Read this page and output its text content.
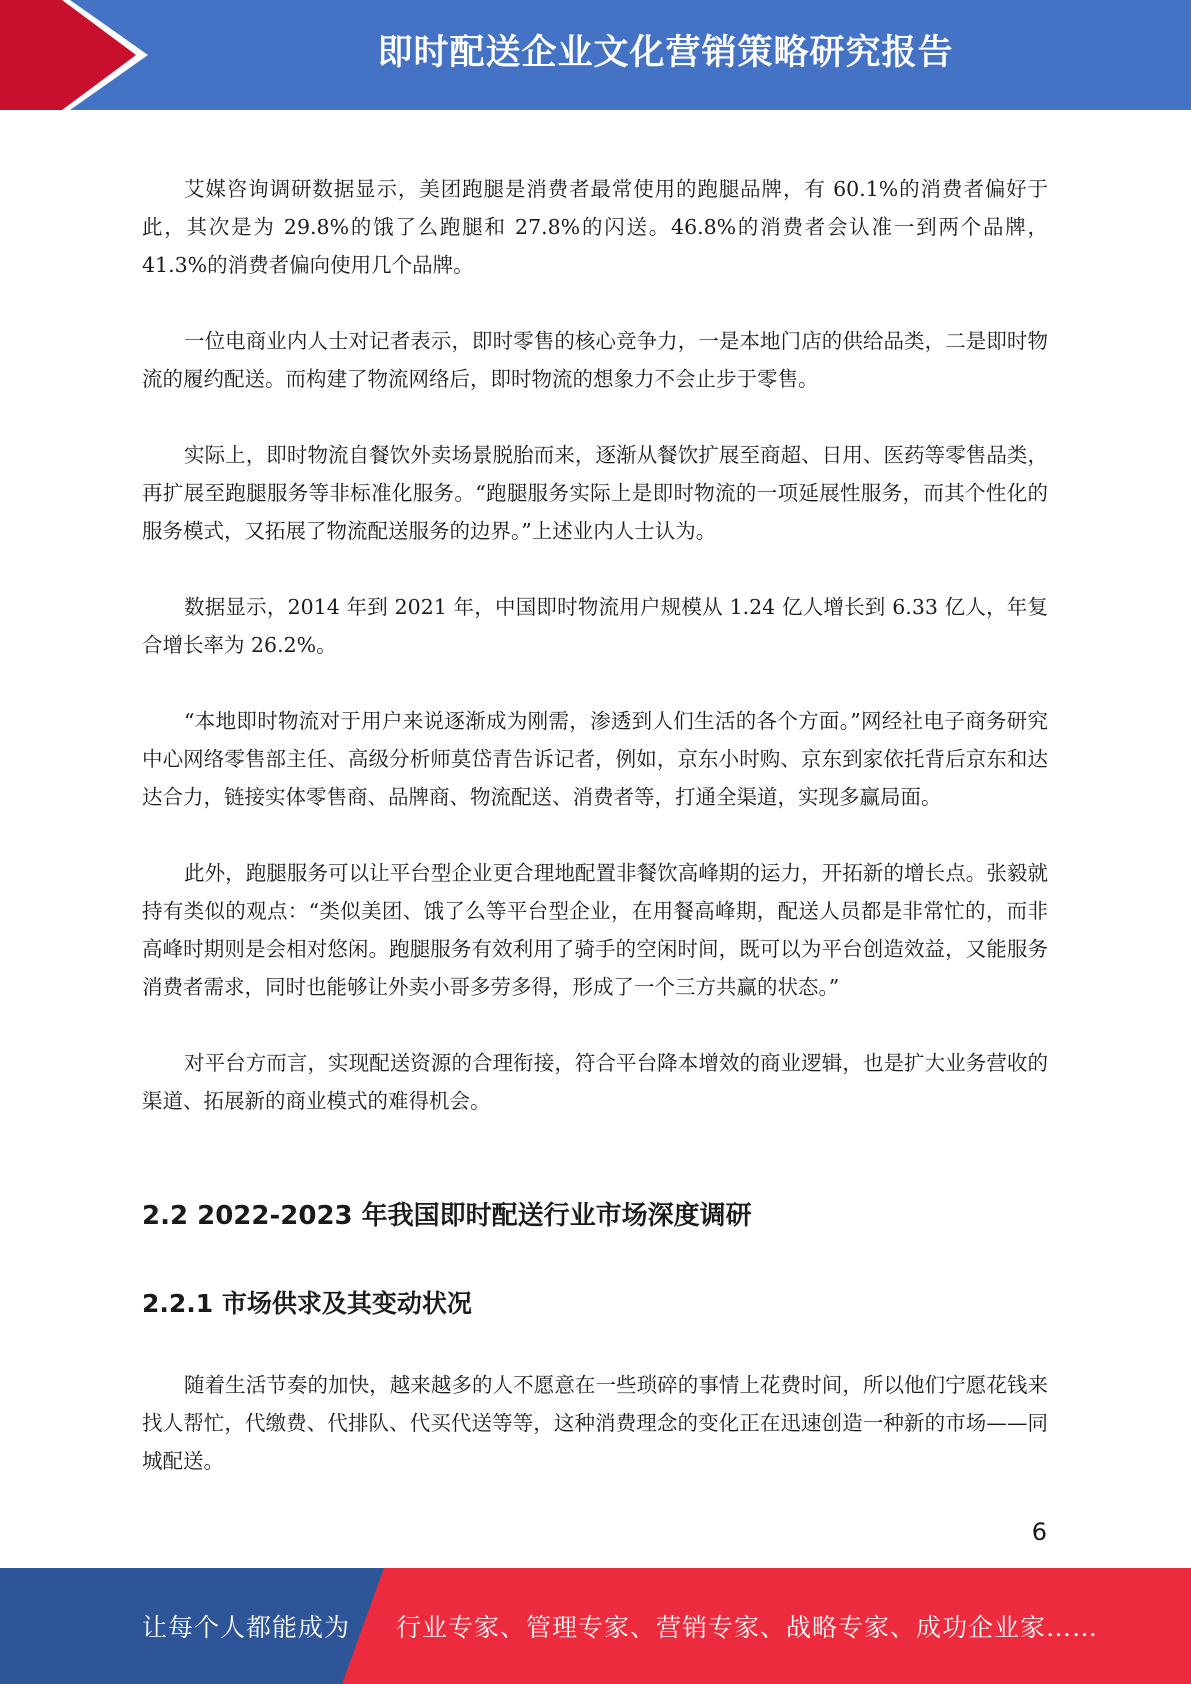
即时配送企业文化营销策略研究报告

艾媒咨询调研数据显示，美团跑腿是消费者最常使用的跑腿品牌，有 60.1%的消费者偏好于此，其次是为 29.8%的饿了么跑腿和 27.8%的闪送。46.8%的消费者会认准一到两个品牌，41.3%的消费者偏向使用几个品牌。

一位电商业内人士对记者表示，即时零售的核心竞争力，一是本地门店的供给品类，二是即时物流的履约配送。而构建了物流网络后，即时物流的想象力不会止步于零售。

实际上，即时物流自餐饮外卖场景脱胎而来，逐渐从餐饮扩展至商超、日用、医药等零售品类，再扩展至跑腿服务等非标准化服务。“跑腿服务实际上是即时物流的一项延展性服务，而其个性化的服务模式，又拓展了物流配送服务的边界。”上述业内人士认为。

数据显示，2014 年到 2021 年，中国即时物流用户规模从 1.24 亿人增长到 6.33 亿人，年复合增长率为 26.2%。

“本地即时物流对于用户来说逐渐成为刚需，渗透到人们生活的各个方面。”网经社电子商务研究中心网络零售部主任、高级分析师莫岱青告诉记者，例如，京东小时购、京东到家依托背后京东和达达合力，链接实体零售商、品牌商、物流配送、消费者等，打通全渠道，实现多赢局面。

此外，跑腿服务可以让平台型企业更合理地配置非餐饮高峰期的运力，开拓新的增长点。张毅就持有类似的观点：“类似美团、饿了么等平台型企业，在用餐高峰期，配送人员都是非常忙的，而非高峰时期则是会相对悠闲。跑腿服务有效利用了骑手的空闲时间，既可以为平台创造效益，又能服务消费者需求，同时也能够让外卖小哥多劳多得，形成了一个三方共赢的状态。”

对平台方而言，实现配送资源的合理衔接，符合平台降本增效的商业逻辑，也是扩大业务营收的渠道、拓展新的商业模式的难得机会。

2.2 2022-2023 年我国即时配送行业市场深度调研
2.2.1 市场供求及其变动状况

随着生活节奏的加快，越来越多的人不愿意在一些琐碎的事情上花费时间，所以他们宁愿花钱来找人帮忙，代缴费、代排队、代买代送等等，这种消费理念的变化正在迅速创造一种新的市场——同城配送。

6
让每个人都能成为 行业专家、管理专家、营销专家、战略专家、成功企业家……
